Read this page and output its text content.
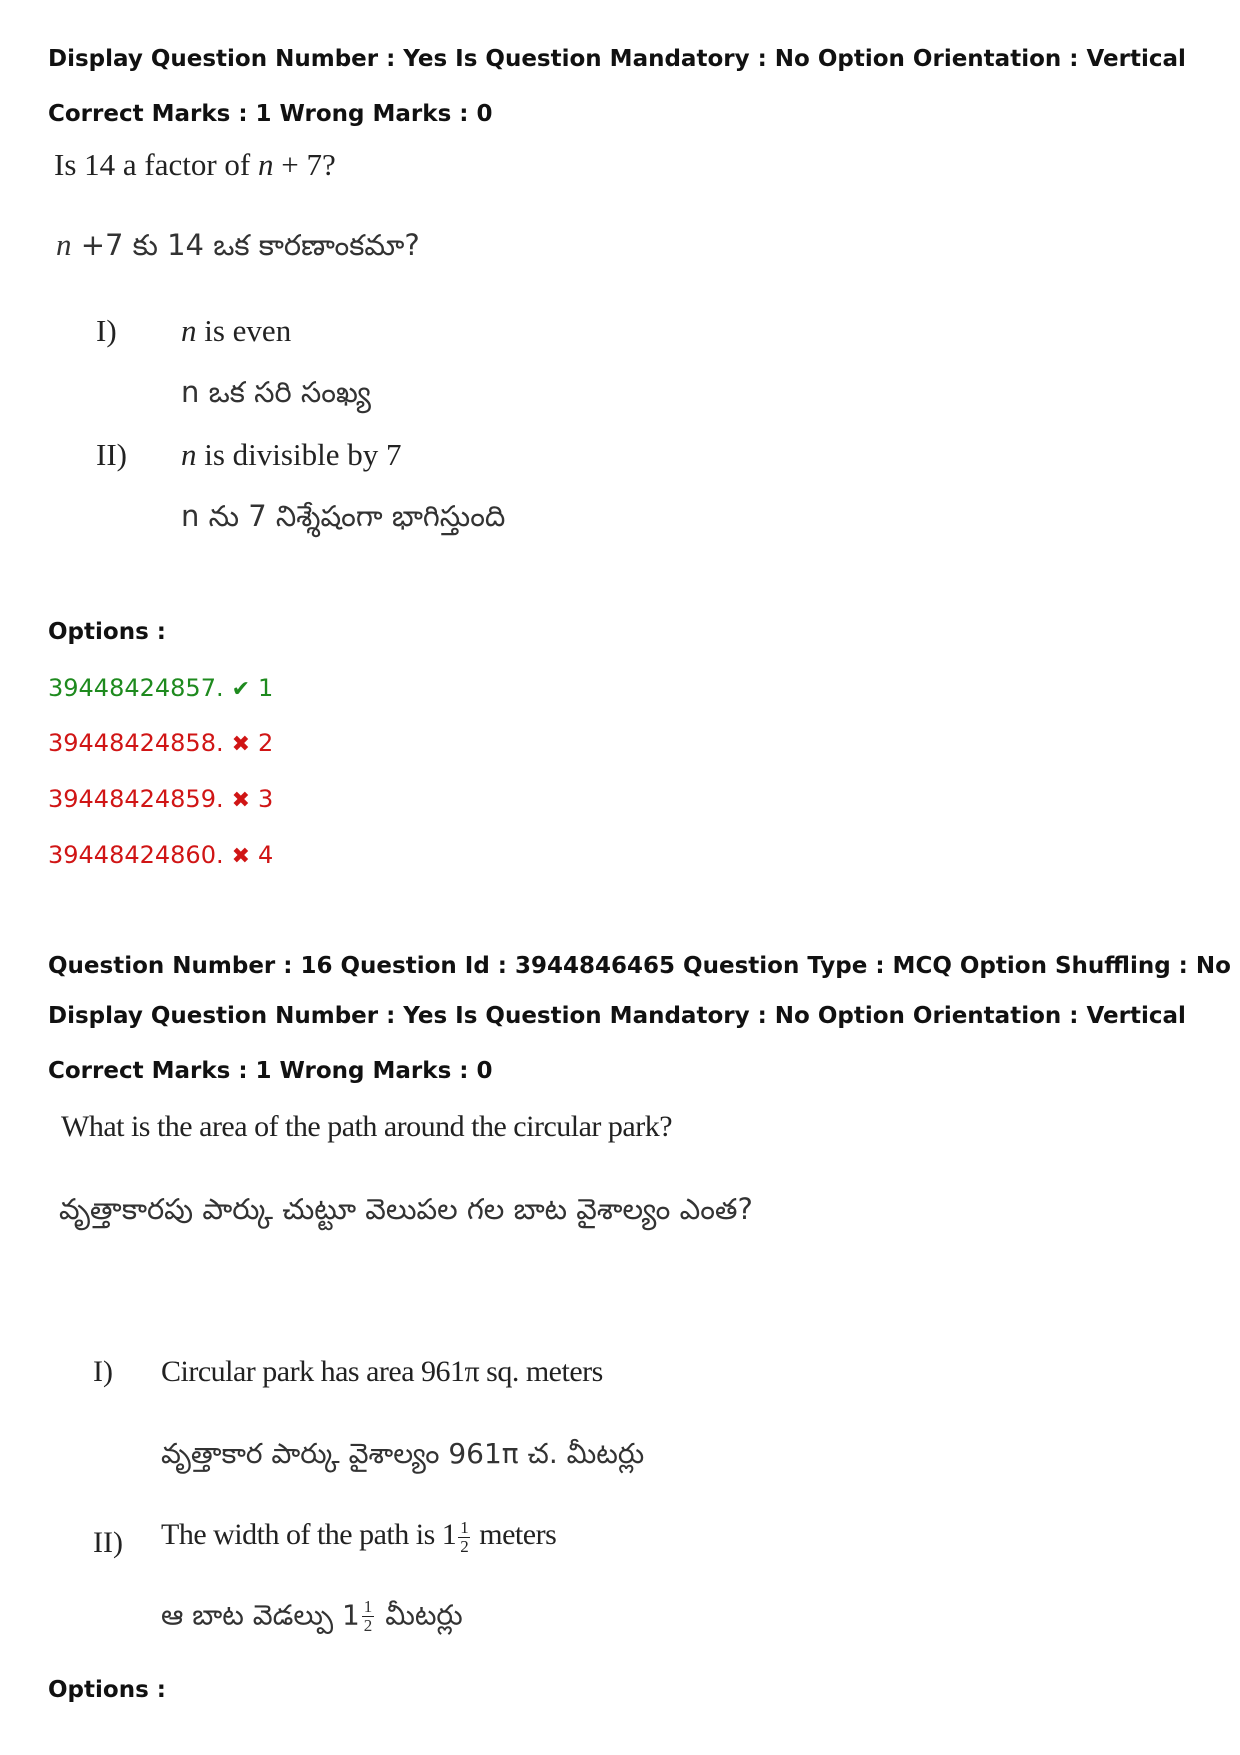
Display Question Number : Yes Is Question Mandatory : No Option Orientation : Vertical
Correct Marks : 1 Wrong Marks : 0
Is 14 a factor of n + 7?
n +7 కు 14 ఒక కారణాంకమా?
I) n is even
n ఒక సరి సంఖ్య
II) n is divisible by 7
n ను 7 నిశ్శేషంగా భాగిస్తుంది
Options :
39448424857. ✔ 1
39448424858. ✖ 2
39448424859. ✖ 3
39448424860. ✖ 4
Question Number : 16 Question Id : 3944846465 Question Type : MCQ Option Shuffling : No
Display Question Number : Yes Is Question Mandatory : No Option Orientation : Vertical
Correct Marks : 1 Wrong Marks : 0
What is the area of the path around the circular park?
వృత్తాకారపు పార్కు చుట్టూ వెలుపల గల బాట వైశాల్యం ఎంత?
I) Circular park has area 961π sq. meters
వృత్తాకార పార్కు వైశాల్యం 961π చ. మీటర్లు
II) The width of the path is $1 \frac{1}{2}$ meters
ఆ బాట వెడల్పు $1 \frac{1}{2}$ మీటర్లు
Options :
